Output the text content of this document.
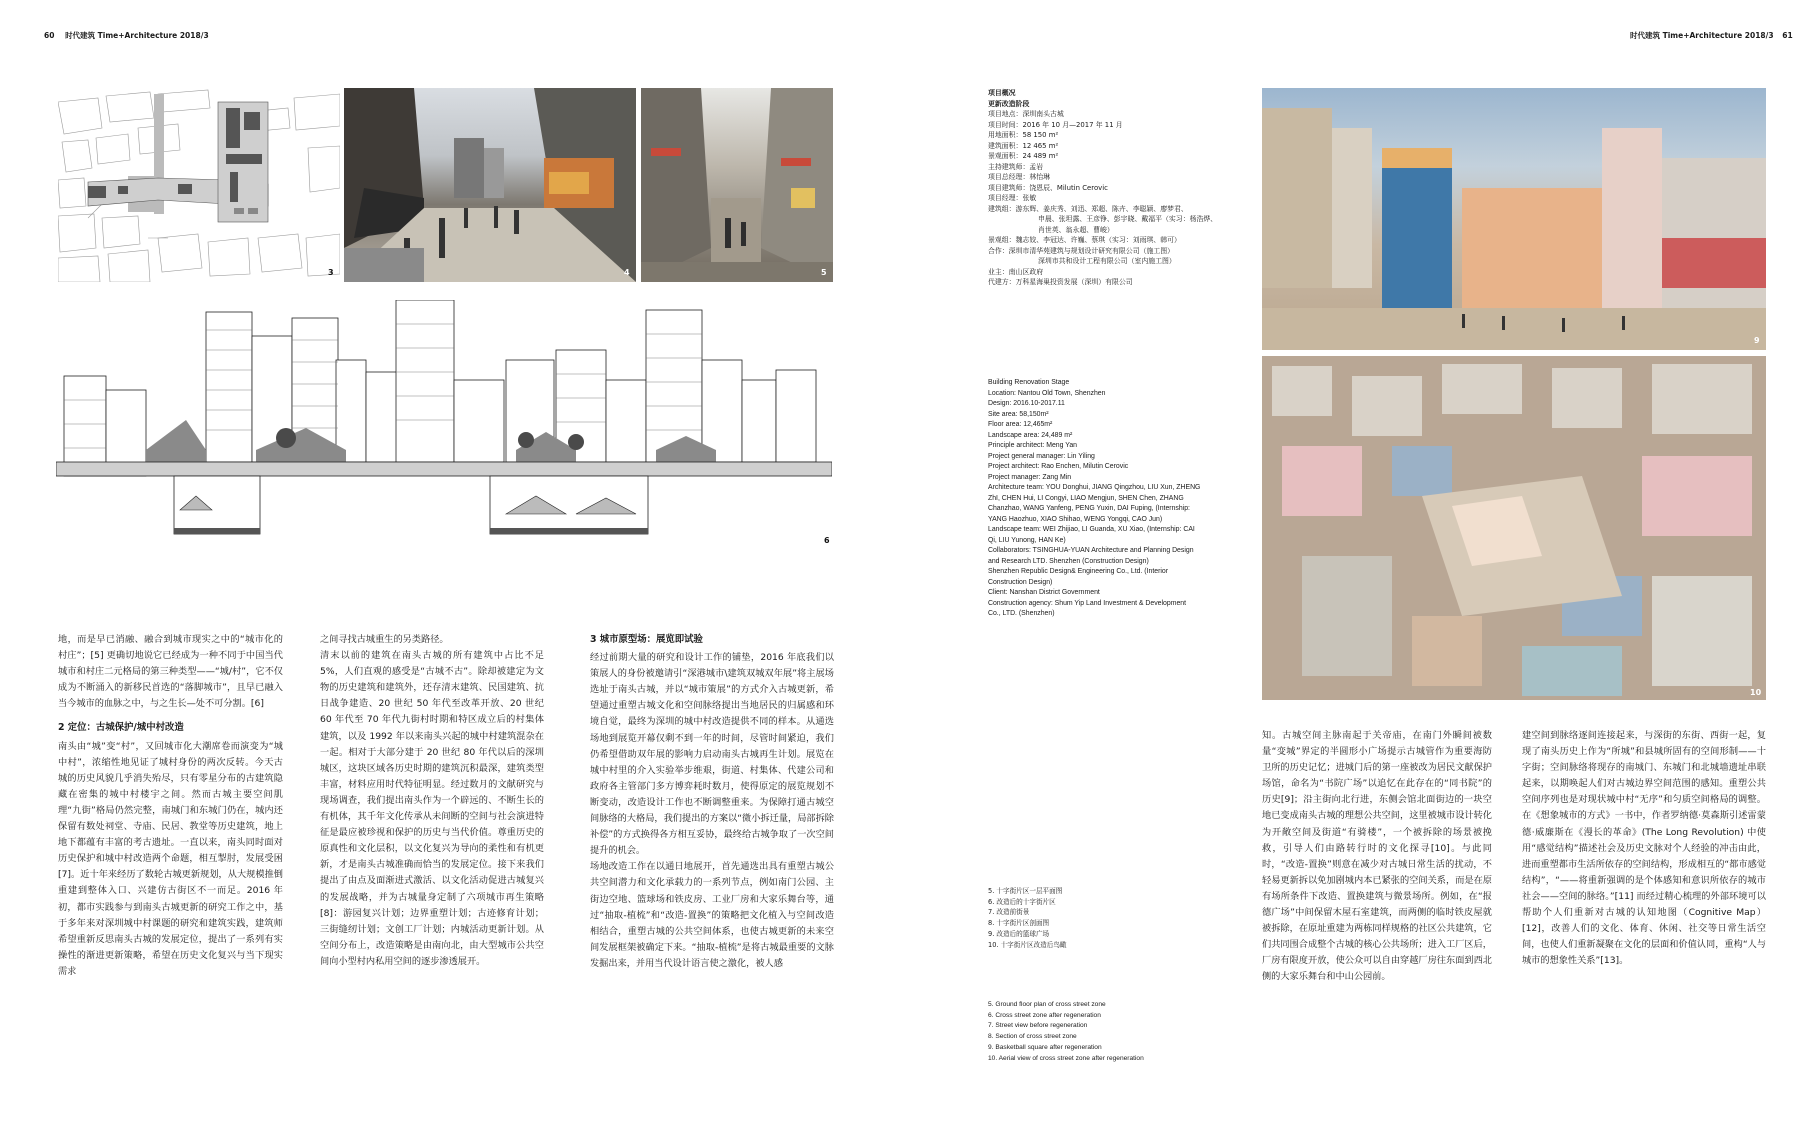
60 时代建筑 Time+Architecture 2018/3	时代建筑 Time+Architecture 2018/3 61
3	4	5
6
9
10

地，而是早已消融、融合到城市现实之中的“城市化的村庄”；[5] 更确切地说它已经成为一种不同于中国当代城市和村庄二元格局的第三种类型——“城/村”，它不仅成为不断涌入的新移民首选的“落脚城市”，且早已融入当今城市的血脉之中，与之生长—处不可分割。[6]

2 定位：古城保护/城中村改造

南头由“城”变“村”，又回城市化大潮席卷而演变为“城中村”，浓缩性地见证了城村身份的两次反转。今天古城的历史风貌几乎消失殆尽，只有零星分布的古建筑隐藏在密集的城中村楼宇之间。然而古城主要空间肌理“九街”格局仍然完整，南城门和东城门仍在，城内还保留有数处祠堂、寺庙、民居、教堂等历史建筑，地上地下都蕴有丰富的考古遗址。一直以来，南头同时面对历史保护和城中村改造两个命题，相互掣肘，发展受困[7]。近十年来经历了数轮古城更新规划，从大规模推倒重建到整体入口、兴建仿古街区不一而足。2016 年初，都市实践参与到南头古城更新的研究工作之中，基于多年来对深圳城中村课题的研究和建筑实践，建筑师希望重新反思南头古城的发展定位，提出了一系列有实操性的渐进更新策略，希望在历史文化复兴与当下现实需求

之间寻找古城重生的另类路径。

清末以前的建筑在南头古城的所有建筑中占比不足 5%，人们直观的感受是“古城不古”。除却被建定为文物的历史建筑和建筑外，还存清末建筑、民国建筑、抗日战争建造、20 世纪 50 年代至改革开放、20 世纪 60 年代至 70 年代九街村时期和特区成立后的村集体建筑，以及 1992 年以来南头兴起的城中村建筑混杂在一起。相对于大部分建于 20 世纪 80 年代以后的深圳城区，这块区域各历史时期的建筑沉积最深，建筑类型丰富，材料应用时代特征明显。经过数月的文献研究与现场调查，我们提出南头作为一个辟远的、不断生长的有机体，其千年文化传承从未间断的空间与社会演进特征是最应被珍视和保护的历史与当代价值。尊重历史的原真性和文化层积，以文化复兴为导向的柔性和有机更新，才是南头古城准确而恰当的发展定位。接下来我们提出了由点及面渐进式激活、以文化活动促进古城复兴的发展战略，并为古城量身定制了六项城市再生策略[8]：游园复兴计划；边界重塑计划；古迹修育计划；三街缝纫计划；文创工厂计划；内城活动更新计划。从空间分布上，改造策略是由南向北，由大型城市公共空间向小型村内私用空间的逐步渗透展开。

3 城市原型场：展览即试验

经过前期大量的研究和设计工作的铺垫，2016 年底我们以策展人的身份被邀请引“深港城市\建筑双城双年展”将主展场选址于南头古城，并以“城市策展”的方式介入古城更新，希望通过重塑古城文化和空间脉络提出当地居民的归属感和环境自觉，最终为深圳的城中村改造提供不同的样本。从通选场地到展览开幕仅剩不到一年的时间，尽管时间紧迫，我们仍希望借助双年展的影响力启动南头古城再生计划。展览在城中村里的介入实验举步维艰，街道、村集体、代建公司和政府各主管部门多方博弈耗时数月，使得原定的展览规划不断变动，改造设计工作也不断调整重来。为保障打通古城空间脉络的大格局，我们提出的方案以“微小拆迁量，局部拆除补偿”的方式换得各方相互妥协，最终给古城争取了一次空间提升的机会。

场地改造工作在以通日地展开，首先通选出具有重塑古城公共空间潜力和文化承载力的一系列节点，例如南门公园、主街边空地、篮球场和铁皮房、工业厂房和大家乐舞台等，通过“抽取-植梳”和“改造-置换”的策略把文化植入与空间改造相结合，重塑古城的公共空间体系，也使古城更新的未来空间发展框架被确定下来。“抽取-植梳”是将古城最重要的文脉发掘出来，并用当代设计语言使之激化，被人感

知。古城空间主脉南起于关帝庙，在南门外瞬间被数量“变城”界定的半圆形小广场提示古城管作为重要海防卫所的历史记忆；进城门后的第一座被改为居民文献保护场馆，命名为“书院广场”以追忆在此存在的“同书院”的历史[9]；沿主街向北行进，东侧会馆北面街边的一块空地已变成南头古城的理想公共空间，这里被城市设计转化为开敞空间及街道“有骑楼”，一个被拆除的场景被挽救，引导人们由路转行时的文化探寻[10]。与此同时，“改造-置换”则意在减少对古城日常生活的扰动，不轻易更新拆以免加剧城内本已紧张的空间关系，而是在原有场所条件下改造、置换建筑与微景场所。例如，在“报德广场”中间保留木屋石室建筑，而两侧的临时铁皮屋就被拆除，在原址重建为两栋同样规格的社区公共建筑，它们共同围合成整个古城的核心公共场所；进入工厂区后，厂房有限度开放，使公众可以自由穿越厂房往东面到西北侧的大家乐舞台和中山公园前。

建空间到脉络逐间连接起来，与深街的东街、西街一起，复现了南头历史上作为“所城”和县城所固有的空间形制——十字街；空间脉络将现存的南城门、东城门和北城墙遗址串联起来，以期唤起人们对古城边界空间范围的感知。重塑公共空间序列也是对现状城中村“无序”和匀质空间格局的调整。在《想象城市的方式》一书中，作者罗纳德·莫森斯引述雷蒙德·威廉斯在《漫长的革命》(The Long Revolution) 中使用“感觉结构”描述社会及历史文脉对个人经验的冲击由此，进而重塑都市生活所依存的空间结构，形成相互的“都市感觉结构”，“——将重新强调的是个体感知和意识所依存的城市社会——空间的脉络。”[11] 而经过精心梳理的外部环境可以帮助个人们重新对古城的认知地图（Cognitive Map）[12]，改善人们的文化、体育、休闲、社交等日常生活空间，也使人们重新凝聚在文化的层面和价值认同，重构“人与城市的想象性关系”[13]。

项目概况
更新改造阶段
项目地点：深圳南头古城
项目时间：2016 年 10 月—2017 年 11 月
用地面积：58 150 m²
建筑面积：12 465 m²
景观面积：24 489 m²
主持建筑师：孟岩
项目总经理：林怡琳
项目建筑师：饶恩辰、Milutin Cerovic
项目经理：张敏
建筑组：游东辉、姜庆秀、刘迅、郑超、陈卉、李聪颖、廖梦君、
申晨、张坦露、王彦铮、彭宇晓、戴福平（实习：杨浩烨、
肖世英、翁永超、曹峻）
景观组：魏志姣、李冠达、许巍、蔡琪（实习：刘雨琪、韩可）
合作：深圳市清华苑建筑与规划设计研究有限公司（施工图）
深圳市共和设计工程有限公司（室内施工图）
业主：南山区政府
代建方：万科星海巢投资发展（深圳）有限公司
Building Renovation Stage
Location: Nantou Old Town, Shenzhen
Design: 2016.10-2017.11
Site area: 58,150m²
Floor area: 12,465m²
Landscape area: 24,489 m²
Principle architect: Meng Yan
Project general manager: Lin Yiling
Project architect: Rao Enchen, Milutin Cerovic
Project manager: Zang Min
Architecture team: YOU Donghui, JIANG Qingzhou, LIU Xun, ZHENG
ZhI, CHEN Hui, LI Congyi, LIAO Mengjun, SHEN Chen, ZHANG
Chanzhao, WANG Yanfeng, PENG Yuxin, DAI Fuping, (Internship:
YANG Haozhuo, XIAO Shihao, WENG Yongqi, CAO Jun)
Landscape team: WEI Zhijiao, LI Guanda, XU Xiao, (Internship: CAI
Qi, LIU Yunong, HAN Ke)
Collaborators: TSINGHUA-YUAN Architecture and Planning Design
and Research LTD. Shenzhen (Construction Design)
Shenzhen Republic Design& Engineering Co., Ltd. (Interior
Construction Design)
Client: Nanshan District Government
Construction agency: Shum Yip Land Investment & Development
Co., LTD. (Shenzhen)
5. 十字街片区一层平面图
6. 改造后的十字街片区
7. 改造前街景
8. 十字街片区剖面图
9. 改造后的篮球广场
10. 十字街片区改造后鸟瞰
5. Ground floor plan of cross street zone
6. Cross street zone after regeneration
7. Street view before regeneration
8. Section of cross street zone
9. Basketball square after regeneration
10. Aerial view of cross street zone after regeneration
